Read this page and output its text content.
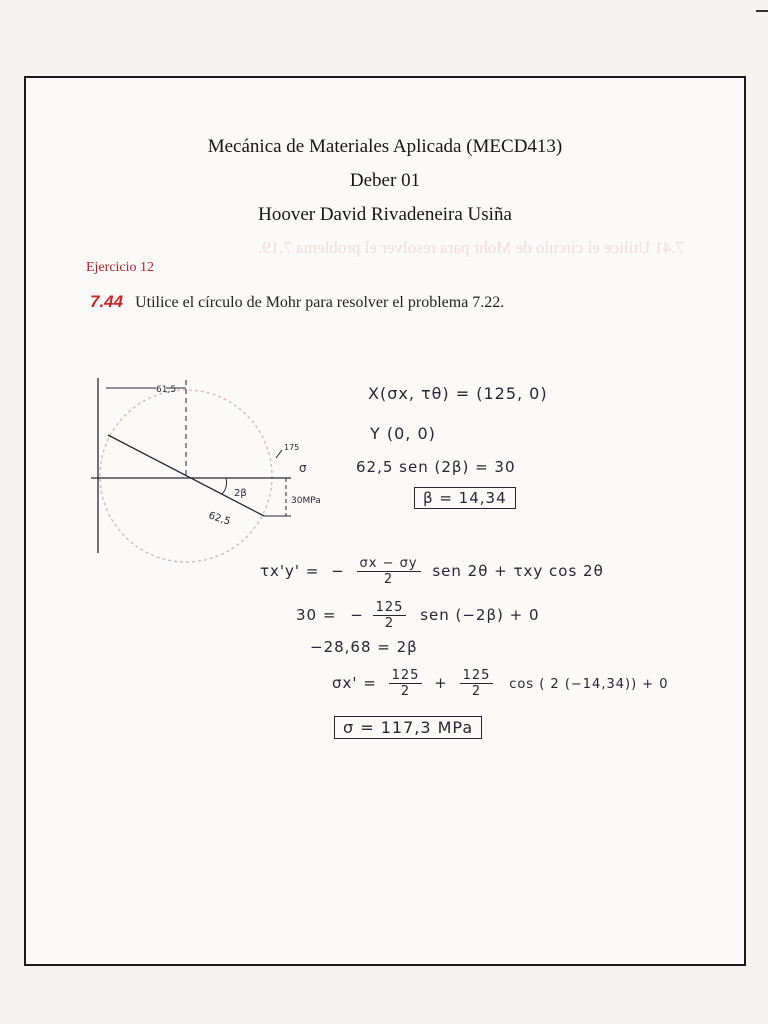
7.41 Utilice el círculo de Mohr para resolver el problema 7.19.
Mecánica de Materiales Aplicada (MECD413)
Deber 01
Hoover David Rivadeneira Usiña
Ejercicio 12
7.44 Utilice el círculo de Mohr para resolver el problema 7.22.
61,5
175
σ
2β
30MPa
62,5
X(σx, τθ) = (125, 0)
Y (0, 0)
62,5 sen (2β) = 30
β = 14,34
τx'y' = − $\frac{\sigma x - \sigma y}{2}$ sen 2θ + τxy cos 2θ
30 = − $\frac{125}{2}$ sen (−2β) + 0
−28,68 = 2β
$\sigma x' = \frac{125}{2} + \frac{125}{2}$ cos ( 2 (−14,34)) + 0
σ = 117,3 MPa
